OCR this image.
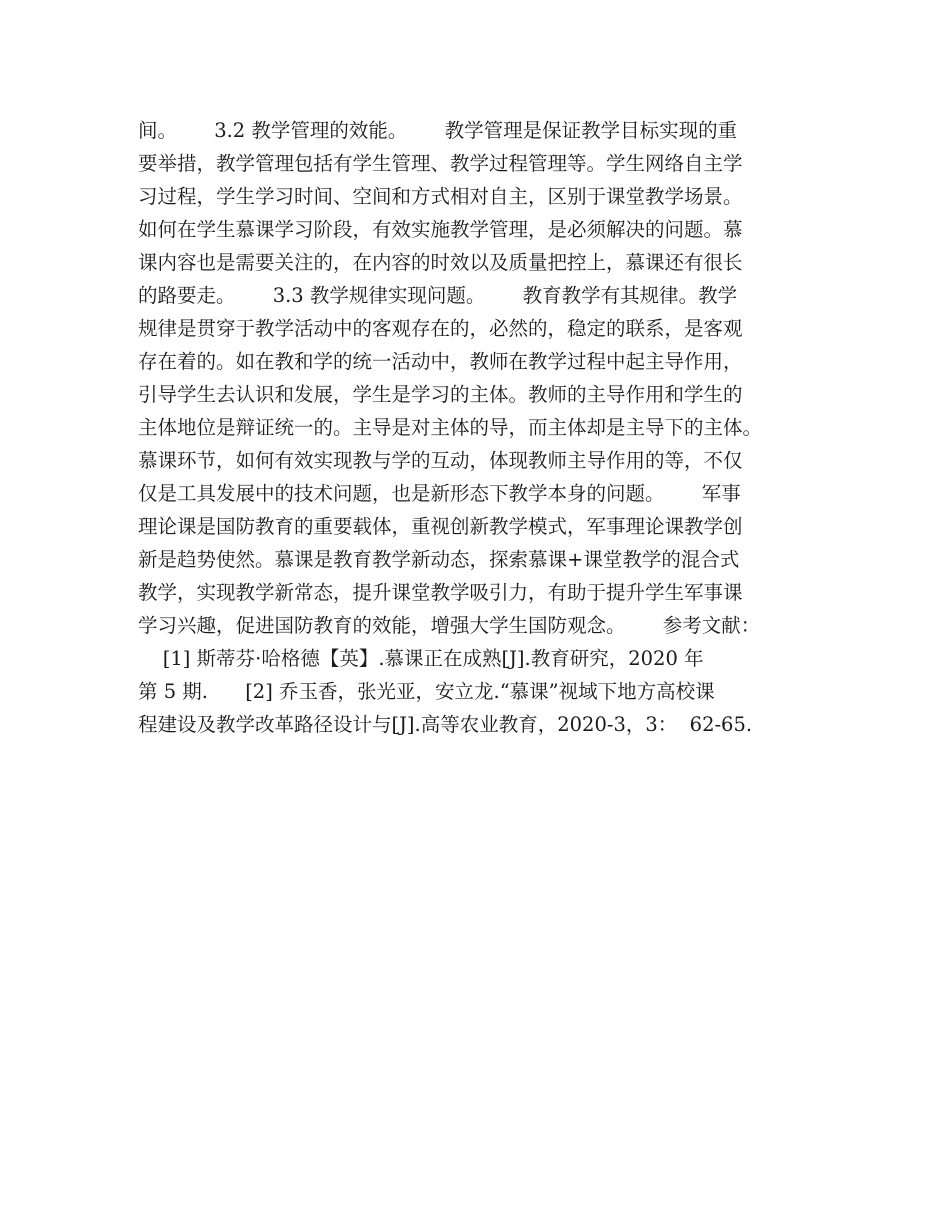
间。      3.2 教学管理的效能。      教学管理是保证教学目标实现的重
要举措，教学管理包括有学生管理、教学过程管理等。学生网络自主学
习过程，学生学习时间、空间和方式相对自主，区别于课堂教学场景。
如何在学生慕课学习阶段，有效实施教学管理，是必须解决的问题。慕
课内容也是需要关注的，在内容的时效以及质量把控上，慕课还有很长
的路要走。      3.3 教学规律实现问题。      教育教学有其规律。教学
规律是贯穿于教学活动中的客观存在的，必然的，稳定的联系，是客观
存在着的。如在教和学的统一活动中，教师在教学过程中起主导作用，
引导学生去认识和发展，学生是学习的主体。教师的主导作用和学生的
主体地位是辩证统一的。主导是对主体的导，而主体却是主导下的主体。
慕课环节，如何有效实现教与学的互动，体现教师主导作用的等，不仅
仅是工具发展中的技术问题，也是新形态下教学本身的问题。      军事
理论课是国防教育的重要载体，重视创新教学模式，军事理论课教学创
新是趋势使然。慕课是教育教学新动态，探索慕课+课堂教学的混合式
教学，实现教学新常态，提升课堂教学吸引力，有助于提升学生军事课
学习兴趣，促进国防教育的效能，增强大学生国防观念。      参考文献：
[1] 斯蒂芬·哈格德【英】.慕课正在成熟[J].教育研究，2020 年
第 5 期.      [2] 乔玉香，张光亚，安立龙.“慕课”视域下地方高校课
程建设及教学改革路径设计与[J].高等农业教育，2020-3，3：  62-65.
